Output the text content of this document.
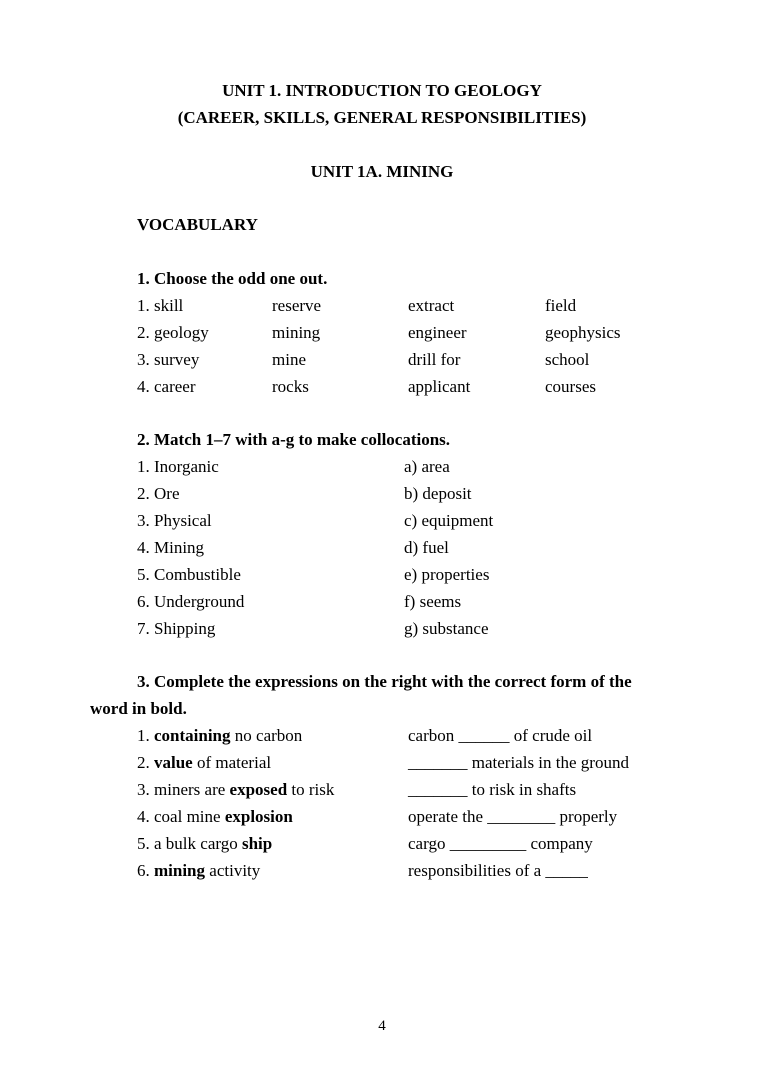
UNIT 1. INTRODUCTION TO GEOLOGY
(CAREER, SKILLS, GENERAL RESPONSIBILITIES)
UNIT 1A. MINING
VOCABULARY
1. Choose the odd one out.
1. skill	reserve	extract	field
2. geology	mining	engineer	geophysics
3. survey	mine	drill for	school
4. career	rocks	applicant	courses
2. Match 1–7 with a-g to make collocations.
1. Inorganic	a) area
2. Ore	b) deposit
3. Physical	c) equipment
4. Mining	d) fuel
5. Combustible	e) properties
6. Underground	f) seems
7. Shipping	g) substance
3. Complete the expressions on the right with the correct form of the
word in bold.
1. containing no carbon	carbon ______ of crude oil
2. value of material	_______ materials in the ground
3. miners are exposed to risk	_______ to risk in shafts
4. coal mine explosion	operate the ________ properly
5. a bulk cargo ship	cargo _________ company
6. mining activity	responsibilities of a _____
4
